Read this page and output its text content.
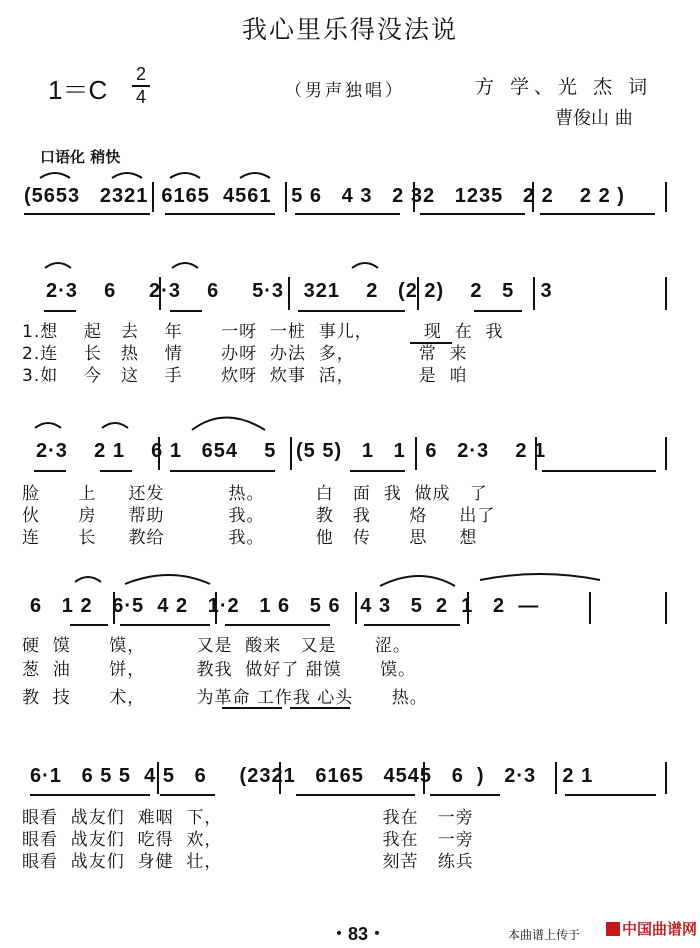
我心里乐得没法说
1＝C
2
4	（男声独唱）	方 学、光 杰 词
曹俊山 曲
口语化 稍快
(5653   2321  6165  4561   5 6   4 3   2 32   1235   2 2    2 2 )
2·3    6     2·3    6     5·3   321    2   (2 2)    2   5    3
1.想    起   去    年      一呀  一桩  事儿，        现  在  我
2.连    长   热    情      办呀  办法  多，          常  来
3.如    今   这    手      炊呀  炊事  活，          是  咱
2·3    2 1    6 1   654    5   (5 5)   1   1   6   2·3    2 1
脸      上     还发          热。        白   面  我  做成   了
伙      房     帮助          我。        教   我      烙     出了
连      长     教给          我。        他   传      思     想
6   1 2   6·5  4 2   1·2   1 6   5 6   4 3   5  2  1   2  —
硬  馍      馍，        又是  酸来   又是      涩。
葱  油      饼，        教我  做好了 甜馍      馍。
教  技      术，        为革命 工作我 心头      热。
6·1   6 5 5  4 5   6     (2321   6165   4545   6  )   2·3    2 1
眼看  战友们  难咽  下，                         我在   一旁
眼看  战友们  吃得  欢，                         我在   一旁
眼看  战友们  身健  壮，                         刻苦   练兵
・83・	本曲谱上传于	中国曲谱网
